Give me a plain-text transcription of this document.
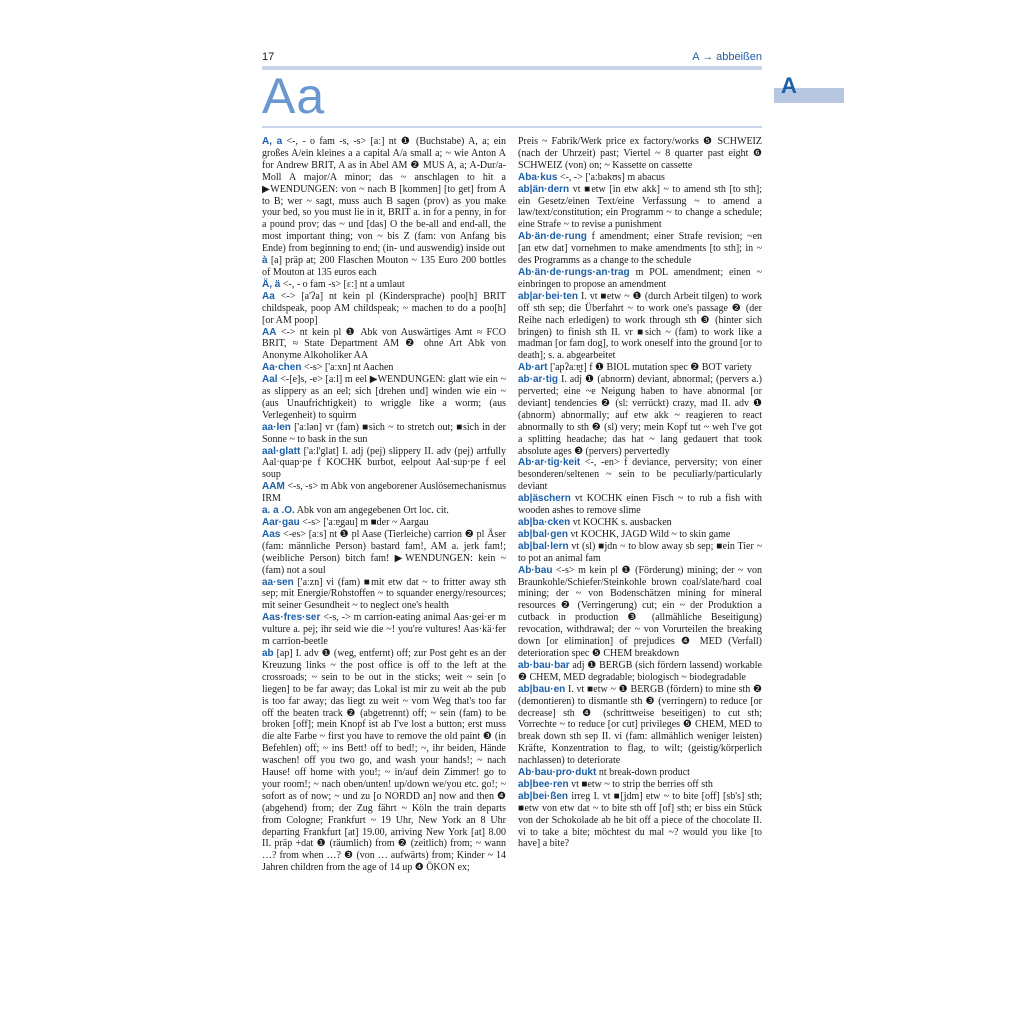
17	A → abbeißen
Aa	A

A, a <-, - o fam -s, -s> [aː] nt ❶ (Buchstabe) A, a; ein großes A/ein kleines a a capital A/a small a; ~ wie Anton A for Andrew BRIT, A as in Abel AM ❷ MUS A, a; A-Dur/a-Moll A major/A minor; das ~ anschlagen to hit a ▶WENDUNGEN: von ~ nach B [kommen] [to get] from A to B; wer ~ sagt, muss auch B sagen (prov) as you make your bed, so you must lie in it, BRIT a. in for a penny, in for a pound prov; das ~ und [das] O the be-all and end-all, the most important thing; von ~ bis Z (fam: von Anfang bis Ende) from beginning to end; (in- und auswendig) inside out

à [a] präp at; 200 Flaschen Mouton ~ 135 Euro 200 bottles of Mouton at 135 euros each

Ä, ä <-, - o fam -s> [ɛː] nt a umlaut

Aa <-> [a'ʔa] nt kein pl (Kindersprache) poo[h] BRIT childspeak, poop AM childspeak; ~ machen to do a poo[h] [or AM poop]

AA <-> nt kein pl ❶ Abk von Auswärtiges Amt ≈ FCO BRIT, ≈ State Department AM ❷ ohne Art Abk von Anonyme Alkoholiker AA

Aa·chen <-s> ['aːxn] nt Aachen

Aal <-[e]s, -e> [aːl] m eel ▶WENDUNGEN: glatt wie ein ~ as slippery as an eel; sich [drehen und] winden wie ein ~ (aus Unaufrichtigkeit) to wriggle like a worm; (aus Verlegenheit) to squirm

aa·len ['aːlən] vr (fam) ■sich ~ to stretch out; ■sich in der Sonne ~ to bask in the sun

aal·glatt ['aːl'glat] I. adj (pej) slippery II. adv (pej) artfully Aal·quap·pe f KOCHK burbot, eelpout Aal·sup·pe f eel soup

AAM <-s, -s> m Abk von angeborener Auslösemechanismus IRM

a. a .O. Abk von am angegebenen Ort loc. cit.

Aar·gau <-s> ['aːɐ̯gau] m ■der ~ Aargau

Aas <-es> [aːs] nt ❶ pl Aase (Tierleiche) carrion ❷ pl Äser (fam: männliche Person) bastard fam!, AM a. jerk fam!; (weibliche Person) bitch fam! ▶WENDUNGEN: kein ~ (fam) not a soul

aa·sen ['aːzn] vi (fam) ■mit etw dat ~ to fritter away sth sep; mit Energie/Rohstoffen ~ to squander energy/resources; mit seiner Gesundheit ~ to neglect one's health

Aas·fres·ser <-s, -> m carrion-eating animal Aas·gei·er m vulture a. pej; ihr seid wie die ~! you're vultures! Aas·kä·fer m carrion-beetle

ab [ap] I. adv ❶ (weg, entfernt) off; zur Post geht es an der Kreuzung links ~ the post office is off to the left at the crossroads; ~ sein to be out in the sticks; weit ~ sein [o liegen] to be far away; das Lokal ist mir zu weit ab the pub is too far away; das liegt zu weit ~ vom Weg that's too far off the beaten track ❷ (abgetrennt) off; ~ sein (fam) to be broken [off]; mein Knopf ist ab I've lost a button; erst muss die alte Farbe ~ first you have to remove the old paint ❸ (in Befehlen) off; ~ ins Bett! off to bed!; ~, ihr beiden, Hände waschen! off you two go, and wash your hands!; ~ nach Hause! off home with you!; ~ in/auf dein Zimmer! go to your room!; ~ nach oben/unten! up/down we/you etc. go!; ~ sofort as of now; ~ und zu [o NORDD an] now and then ❹ (abgehend) from; der Zug fährt ~ Köln the train departs from Cologne; Frankfurt ~ 19 Uhr, New York an 8 Uhr departing Frankfurt [at] 19.00, arriving New York [at] 8.00 II. präp +dat ❶ (räumlich) from ❷ (zeitlich) from; ~ wann …? from when …? ❸ (von … aufwärts) from; Kinder ~ 14 Jahren children from the age of 14 up ❹ ÖKON ex;

Preis ~ Fabrik/Werk price ex factory/works ❺ SCHWEIZ (nach der Uhrzeit) past; Viertel ~ 8 quarter past eight ❻ SCHWEIZ (von) on; ~ Kassette on cassette

Aba·kus <-, -> ['aːbakʊs] m abacus

ab|än·dern vt ■etw [in etw akk] ~ to amend sth [to sth]; ein Gesetz/einen Text/eine Verfassung ~ to amend a law/text/constitution; ein Programm ~ to change a schedule; eine Strafe ~ to revise a punishment

Ab·än·de·rung f amendment; einer Strafe revision; ~en [an etw dat] vornehmen to make amendments [to sth]; in ~ des Programms as a change to the schedule

Ab·än·de·rungs·an·trag m POL amendment; einen ~ einbringen to propose an amendment

ab|ar·bei·ten I. vt ■etw ~ ❶ (durch Arbeit tilgen) to work off sth sep; die Überfahrt ~ to work one's passage ❷ (der Reihe nach erledigen) to work through sth ❸ (hinter sich bringen) to finish sth II. vr ■sich ~ (fam) to work like a madman [or fam dog], to work oneself into the ground [or to death]; s. a. abgearbeitet

Ab·art ['apʔaːɐ̯t] f ❶ BIOL mutation spec ❷ BOT variety

ab·ar·tig I. adj ❶ (abnorm) deviant, abnormal; (pervers a.) perverted; eine ~e Neigung haben to have abnormal [or deviant] tendencies ❷ (sl: verrückt) crazy, mad II. adv ❶ (abnorm) abnormally; auf etw akk ~ reagieren to react abnormally to sth ❷ (sl) very; mein Kopf tut ~ weh I've got a splitting headache; das hat ~ lang gedauert that took absolute ages ❸ (pervers) pervertedly

Ab·ar·tig·keit <-, -en> f deviance, perversity; von einer besonderen/seltenen ~ sein to be peculiarly/particularly deviant

ab|äschern vt KOCHK einen Fisch ~ to rub a fish with wooden ashes to remove slime

ab|ba·cken vt KOCHK s. ausbacken

ab|bal·gen vt KOCHK, JAGD Wild ~ to skin game

ab|bal·lern vt (sl) ■jdn ~ to blow away sb sep; ■ein Tier ~ to pot an animal fam

Ab·bau <-s> m kein pl ❶ (Förderung) mining; der ~ von Braunkohle/Schiefer/Steinkohle brown coal/slate/hard coal mining; der ~ von Bodenschätzen mining for mineral resources ❷ (Verringerung) cut; ein ~ der Produktion a cutback in production ❸ (allmähliche Beseitigung) revocation, withdrawal; der ~ von Vorurteilen the breaking down [or elimination] of prejudices ❹ MED (Verfall) deterioration spec ❺ CHEM breakdown

ab·bau·bar adj ❶ BERGB (sich fördern lassend) workable ❷ CHEM, MED degradable; biologisch ~ biodegradable

ab|bau·en I. vt ■etw ~ ❶ BERGB (fördern) to mine sth ❷ (demontieren) to dismantle sth ❸ (verringern) to reduce [or decrease] sth ❹ (schrittweise beseitigen) to cut sth; Vorrechte ~ to reduce [or cut] privileges ❺ CHEM, MED to break down sth sep II. vi (fam: allmählich weniger leisten) Kräfte, Konzentration to flag, to wilt; (geistig/körperlich nachlassen) to deteriorate

Ab·bau·pro·dukt nt break-down product

ab|bee·ren vt ■etw ~ to strip the berries off sth

ab|bei·ßen irreg I. vt ■[jdm] etw ~ to bite [off] [sb's] sth; ■etw von etw dat ~ to bite sth off [of] sth; er biss ein Stück von der Schokolade ab he bit off a piece of the chocolate II. vi to take a bite; möchtest du mal ~? would you like [to have] a bite?
